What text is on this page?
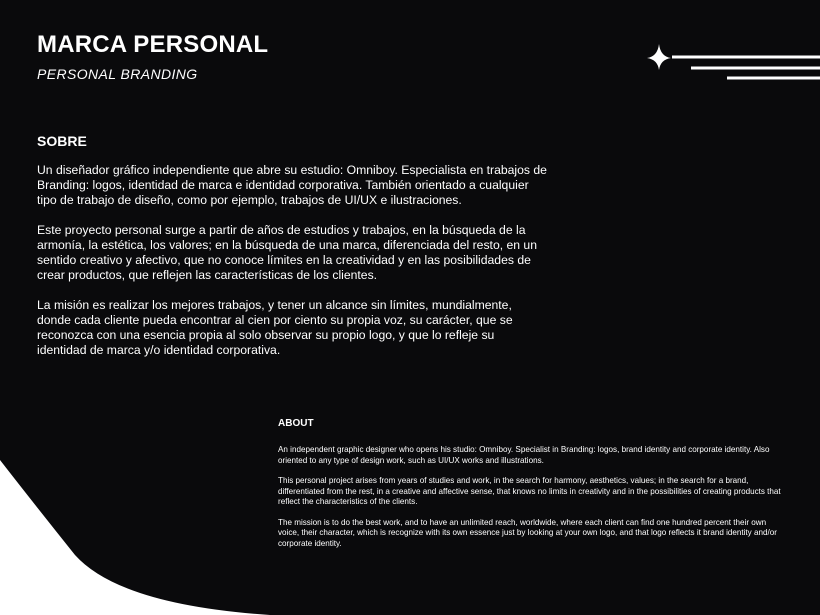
MARCA PERSONAL
PERSONAL BRANDING
SOBRE

Un diseñador gráfico independiente que abre su estudio: Omniboy. Especialista en trabajos de Branding: logos, identidad de marca e identidad corporativa. También orientado a cualquier tipo de trabajo de diseño, como por ejemplo, trabajos de UI/UX e ilustraciones.

Este proyecto personal surge a partir de años de estudios y trabajos, en la búsqueda de la armonía, la estética, los valores; en la búsqueda de una marca, diferenciada del resto, en un sentido creativo y afectivo, que no conoce límites en la creatividad y en las posibilidades de crear productos, que reflejen las características de los clientes.

La misión es realizar los mejores trabajos, y tener un alcance sin límites, mundialmente, donde cada cliente pueda encontrar al cien por ciento su propia voz, su carácter, que se reconozca con una esencia propia al solo observar su propio logo, y que lo refleje su identidad de marca y/o identidad corporativa.

ABOUT

An independent graphic designer who opens his studio: Omniboy. Specialist in Branding: logos, brand identity and corporate identity. Also oriented to any type of design work, such as UI/UX works and illustrations.

This personal project arises from years of studies and work, in the search for harmony, aesthetics, values; in the search for a brand, differentiated from the rest, in a creative and affective sense, that knows no limits in creativity and in the possibilities of creating products that reflect the characteristics of the clients.

The mission is to do the best work, and to have an unlimited reach, worldwide, where each client can find one hundred percent their own voice, their character, which is recognize with its own essence just by looking at your own logo, and that logo reflects it brand identity and/or corporate identity.
